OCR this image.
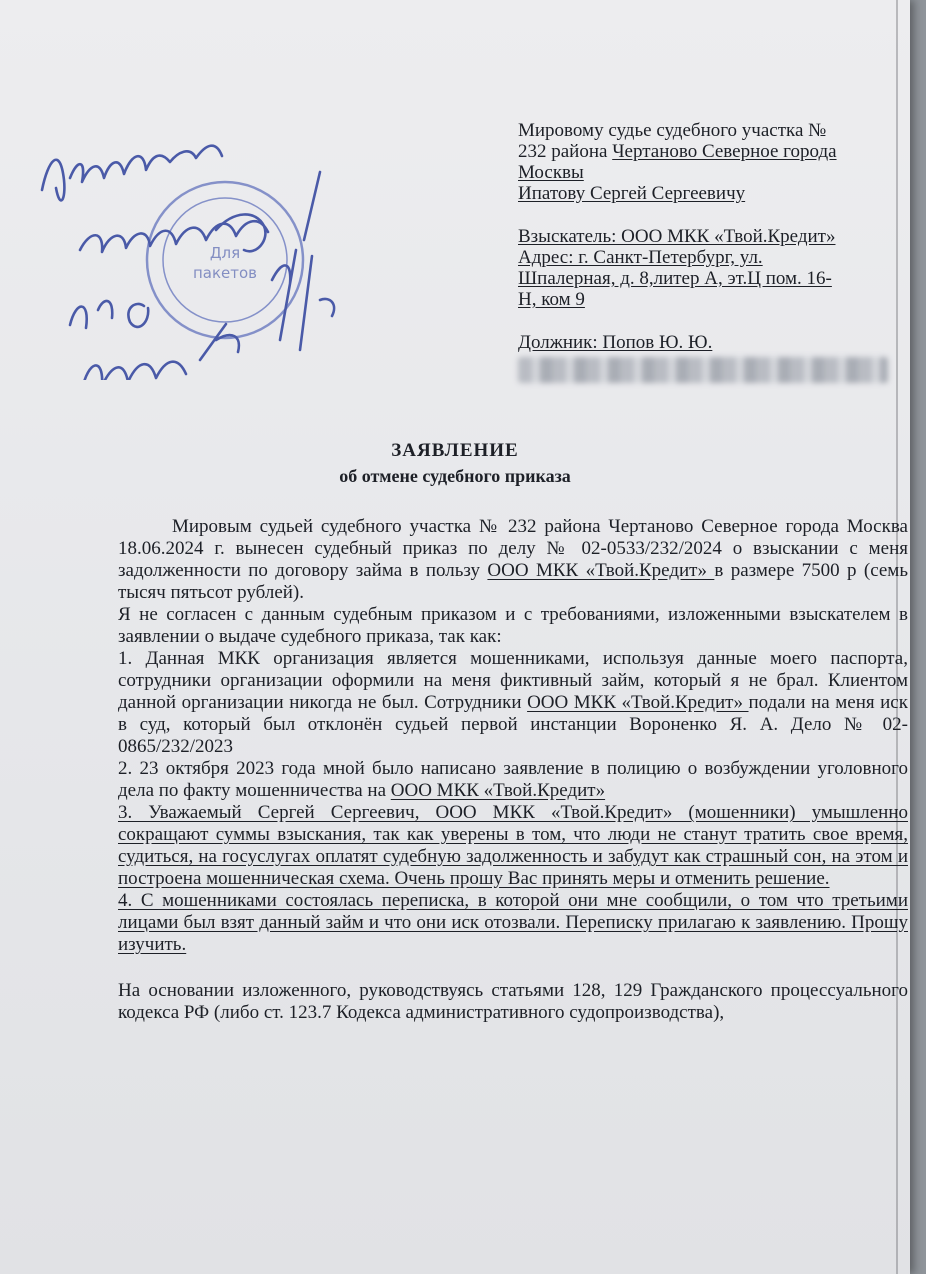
Для
пакетов

Мировому судье судебного участка №

232 района Чертаново Северное города

Москвы

Ипатову Сергей Сергеевичу

Взыскатель: ООО МКК «Твой.Кредит»

Адрес: г. Санкт-Петербург, ул.

Шпалерная, д. 8,литер А, эт.Ц пом. 16-

Н, ком 9

Должник: Попов Ю. Ю.

ЗАЯВЛЕНИЕ
об отмене судебного приказа

Мировым судьей судебного участка № 232 района Чертаново Северное города Москва 18.06.2024 г. вынесен судебный приказ по делу № 02-0533/232/2024 о взыскании с меня задолженности по договору займа в пользу ООО МКК «Твой.Кредит» в размере 7500 р (семь тысяч пятьсот рублей).

Я не согласен с данным судебным приказом и с требованиями, изложенными взыскателем в заявлении о выдаче судебного приказа, так как:

1. Данная МКК организация является мошенниками, используя данные моего паспорта, сотрудники организации оформили на меня фиктивный займ, который я не брал. Клиентом данной организации никогда не был. Сотрудники ООО МКК «Твой.Кредит» подали на меня иск в суд, который был отклонён судьей первой инстанции Вороненко Я. А. Дело № 02-0865/232/2023

2. 23 октября 2023 года мной было написано заявление в полицию о возбуждении уголовного дела по факту мошенничества на ООО МКК «Твой.Кредит»

3. Уважаемый Сергей Сергеевич, ООО МКК «Твой.Кредит» (мошенники) умышленно сокращают суммы взыскания, так как уверены в том, что люди не станут тратить свое время, судиться, на госуслугах оплатят судебную задолженность и забудут как страшный сон, на этом и построена мошенническая схема. Очень прошу Вас принять меры и отменить решение.

4. С мошенниками состоялась переписка, в которой они мне сообщили, о том что третьими лицами был взят данный займ и что они иск отозвали. Переписку прилагаю к заявлению. Прошу изучить.

На основании изложенного, руководствуясь статьями 128, 129 Гражданского процессуального кодекса РФ (либо ст. 123.7 Кодекса административного судопроизводства),
